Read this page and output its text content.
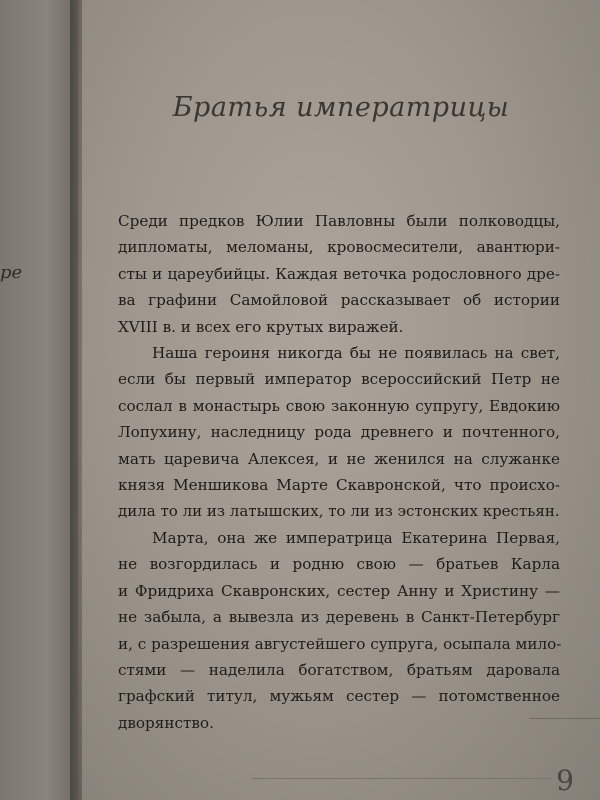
ре
Братья императрицы
Среди предков Юлии Павловны были полководцы,
дипломаты, меломаны, кровосмесители, авантюри-
сты и цареубийцы. Каждая веточка родословного дре-
ва графини Самойловой рассказывает об истории
XVIII в. и всех его крутых виражей.
Наша героиня никогда бы не появилась на свет,
если бы первый император всероссийский Петр не
сослал в монастырь свою законную супругу, Евдокию
Лопухину, наследницу рода древнего и почтенного,
мать царевича Алексея, и не женился на служанке
князя Меншикова Марте Скавронской, что происхо-
дила то ли из латышских, то ли из эстонских крестьян.
Марта, она же императрица Екатерина Первая,
не возгордилась и родню свою — братьев Карла
и Фридриха Скавронских, сестер Анну и Христину —
не забыла, а вывезла из деревень в Санкт-Петербург
и, с разрешения августейшего супруга, осыпала мило-
стями — наделила богатством, братьям даровала
графский титул, мужьям сестер — потомственное
дворянство.
9
